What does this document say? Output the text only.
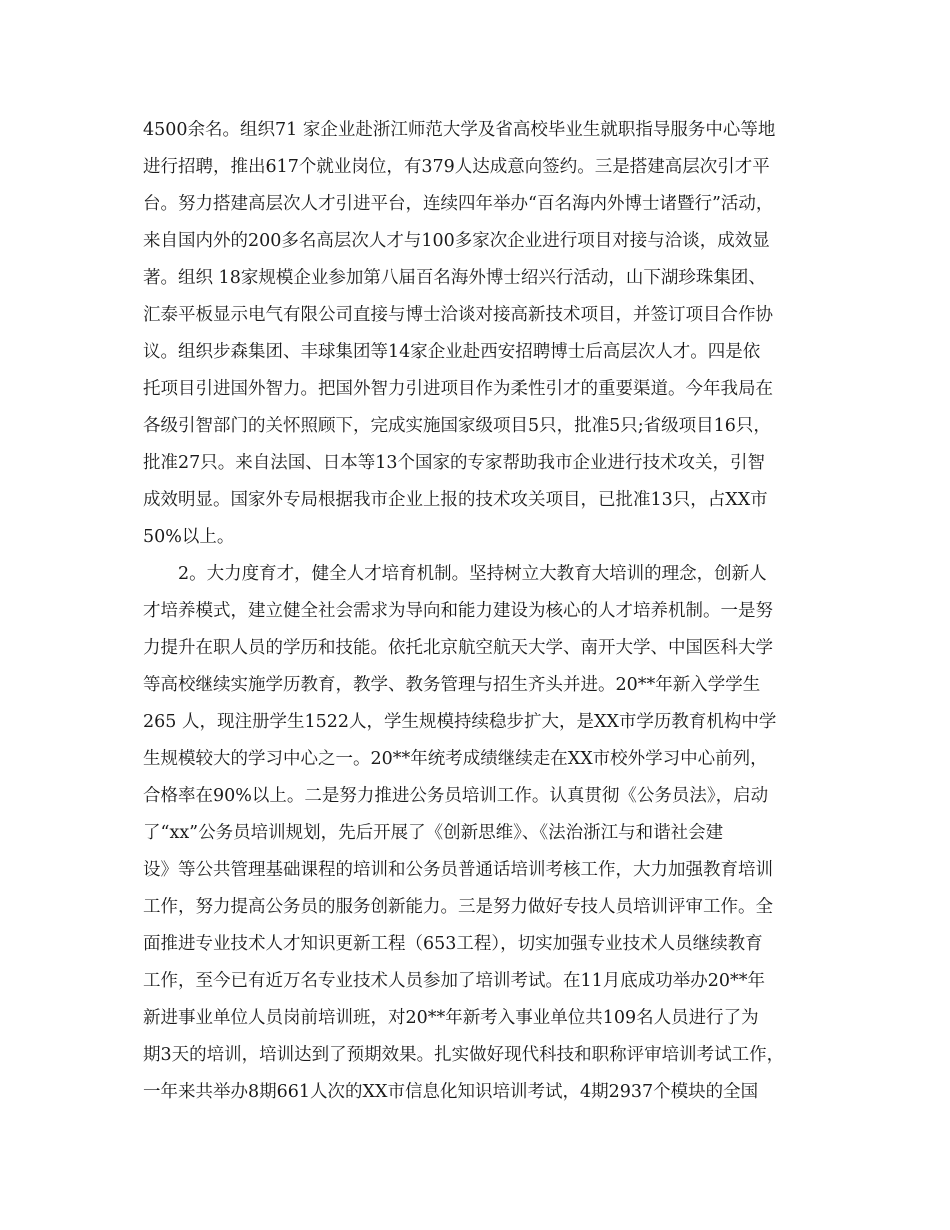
4500余名。组织71 家企业赴浙江师范大学及省高校毕业生就职指导服务中心等地
进行招聘，推出617个就业岗位，有379人达成意向签约。三是搭建高层次引才平
台。努力搭建高层次人才引进平台，连续四年举办“百名海内外博士诸暨行”活动，
来自国内外的200多名高层次人才与100多家次企业进行项目对接与洽谈，成效显
著。组织 18家规模企业参加第八届百名海外博士绍兴行活动，山下湖珍珠集团、
汇泰平板显示电气有限公司直接与博士洽谈对接高新技术项目，并签订项目合作协
议。组织步森集团、丰球集团等14家企业赴西安招聘博士后高层次人才。四是依
托项目引进国外智力。把国外智力引进项目作为柔性引才的重要渠道。今年我局在
各级引智部门的关怀照顾下，完成实施国家级项目5只，批准5只;省级项目16只，
批准27只。来自法国、日本等13个国家的专家帮助我市企业进行技术攻关，引智
成效明显。国家外专局根据我市企业上报的技术攻关项目，已批准13只，占XX市
50%以上。
2。大力度育才，健全人才培育机制。坚持树立大教育大培训的理念，创新人
才培养模式，建立健全社会需求为导向和能力建设为核心的人才培养机制。一是努
力提升在职人员的学历和技能。依托北京航空航天大学、南开大学、中国医科大学
等高校继续实施学历教育，教学、教务管理与招生齐头并进。20**年新入学学生
265 人，现注册学生1522人，学生规模持续稳步扩大，是XX市学历教育机构中学
生规模较大的学习中心之一。20**年统考成绩继续走在XX市校外学习中心前列，
合格率在90%以上。二是努力推进公务员培训工作。认真贯彻《公务员法》，启动
了“xx”公务员培训规划，先后开展了《创新思维》、《法治浙江与和谐社会建
设》等公共管理基础课程的培训和公务员普通话培训考核工作，大力加强教育培训
工作，努力提高公务员的服务创新能力。三是努力做好专技人员培训评审工作。全
面推进专业技术人才知识更新工程（653工程），切实加强专业技术人员继续教育
工作，至今已有近万名专业技术人员参加了培训考试。在11月底成功举办20**年
新进事业单位人员岗前培训班，对20**年新考入事业单位共109名人员进行了为
期3天的培训，培训达到了预期效果。扎实做好现代科技和职称评审培训考试工作，
一年来共举办8期661人次的XX市信息化知识培训考试，4期2937个模块的全国
